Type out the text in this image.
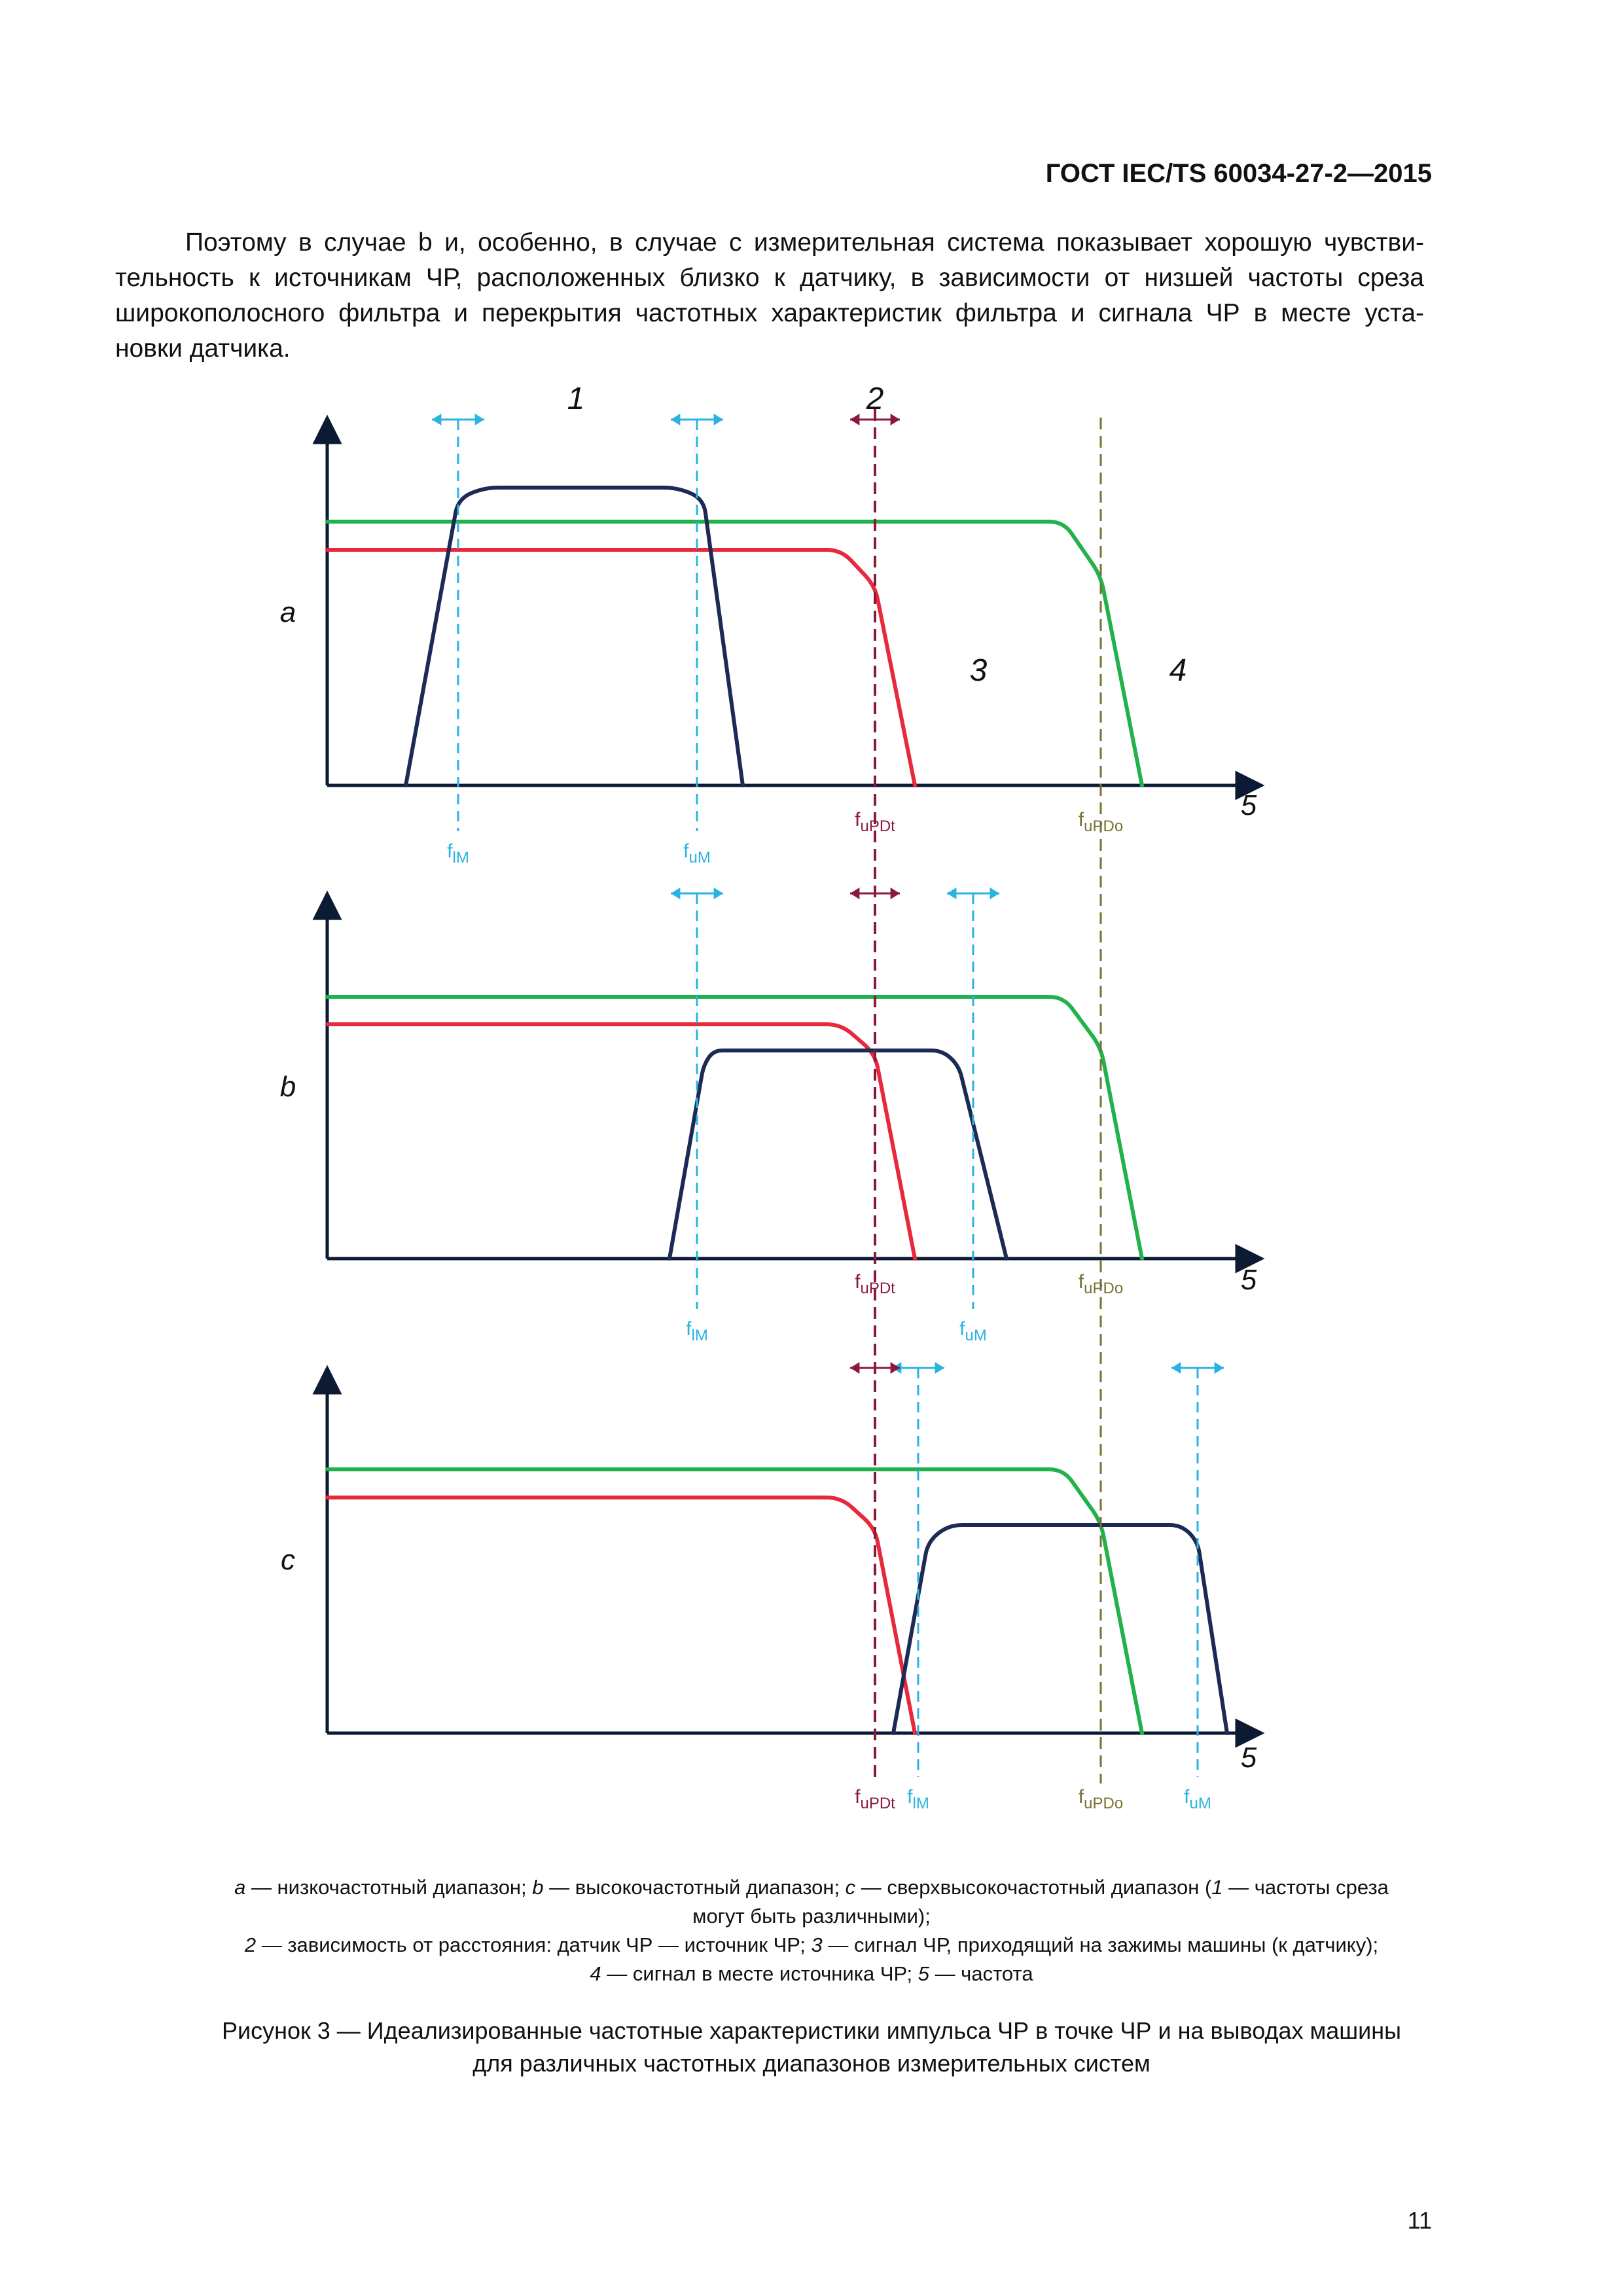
ГОСТ IEC/TS 60034-27-2—2015
Поэтому в случае b и, особенно, в случае с измерительная система показывает хорошую чувстви-
тельность к источникам ЧР, расположенных близко к датчику, в зависимости от низшей частоты среза
широкополосного фильтра и перекрытия частотных характеристик фильтра и сигнала ЧР в месте уста-
новки датчика.
a
5
$f_{lM}$	$f_{uM}$
$f_{uPDt}$	$f_{uPDo}$
b
5
$f_{lM}$	$f_{uM}$
$f_{uPDt}$	$f_{uPDo}$
c
5
$f_{lM}$	$f_{uM}$
$f_{uPDt}$	$f_{uPDo}$
1	2
3	4
a — низкочастотный диапазон; b — высокочастотный диапазон; c — сверхвысокочастотный диапазон (1 — частоты среза
могут быть различными);
2 — зависимость от расстояния: датчик ЧР — источник ЧР; 3 — сигнал ЧР, приходящий на зажимы машины (к датчику);
4 — сигнал в месте источника ЧР; 5 — частота
Рисунок 3 — Идеализированные частотные характеристики импульса ЧР в точке ЧР и на выводах машины
для различных частотных диапазонов измерительных систем
11
